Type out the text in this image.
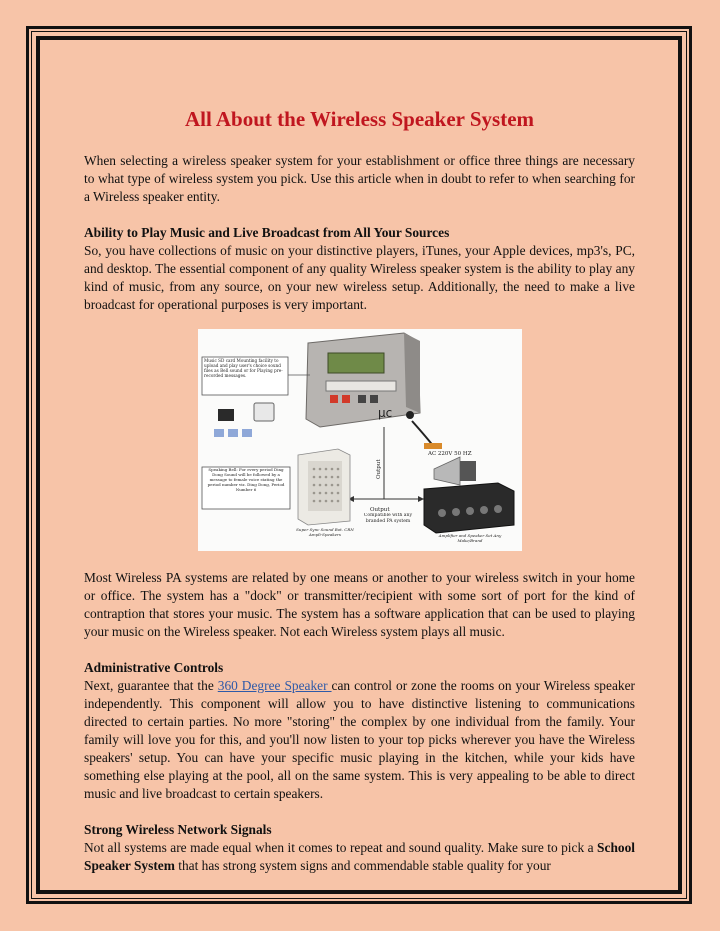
All About the Wireless Speaker System

When selecting a wireless speaker system for your establishment or office three things are necessary to what type of wireless system you pick. Use this article when in doubt to refer to when searching for a Wireless speaker entity.

Ability to Play Music and Live Broadcast from All Your Sources

So, you have collections of music on your distinctive players, iTunes, your Apple devices, mp3's, PC, and desktop. The essential component of any quality Wireless speaker system is the ability to play any kind of music, from any source, on your new wireless setup. Additionally, the need to make a live broadcast for operational purposes is very important.

μc
AC 220V 50 HZ
Music SD card Mounting facility to upload and play user's choice sound files as Bell sound or for Playing pre-recorded messages.
Output
Output
Compatible with any branded PA system
Speaking Bell: For every period Ding Dong Sound will be followed by a message to female voice stating the period number viz. Ding Dong, Period Number 6
Super Sync Sound Bot. CRN Ampli-Speakers	Amplifier and Speaker Set Any Make/Brand

Most Wireless PA systems are related by one means or another to your wireless switch in your home or office. The system has a "dock" or transmitter/recipient with some sort of port for the kind of contraption that stores your music. The system has a software application that can be used to playing your music on the Wireless speaker. Not each Wireless system plays all music.

Administrative Controls

Next, guarantee that the 360 Degree Speaker can control or zone the rooms on your Wireless speaker independently. This component will allow you to have distinctive listening to communications directed to certain parties. No more "storing" the complex by one individual from the family. Your family will love you for this, and you'll now listen to your top picks wherever you have the Wireless speakers' setup. You can have your specific music playing in the kitchen, while your kids have something else playing at the pool, all on the same system. This is very appealing to be able to direct music and live broadcast to certain speakers.

Strong Wireless Network Signals

Not all systems are made equal when it comes to repeat and sound quality. Make sure to pick a School Speaker System that has strong system signs and commendable stable quality for your
